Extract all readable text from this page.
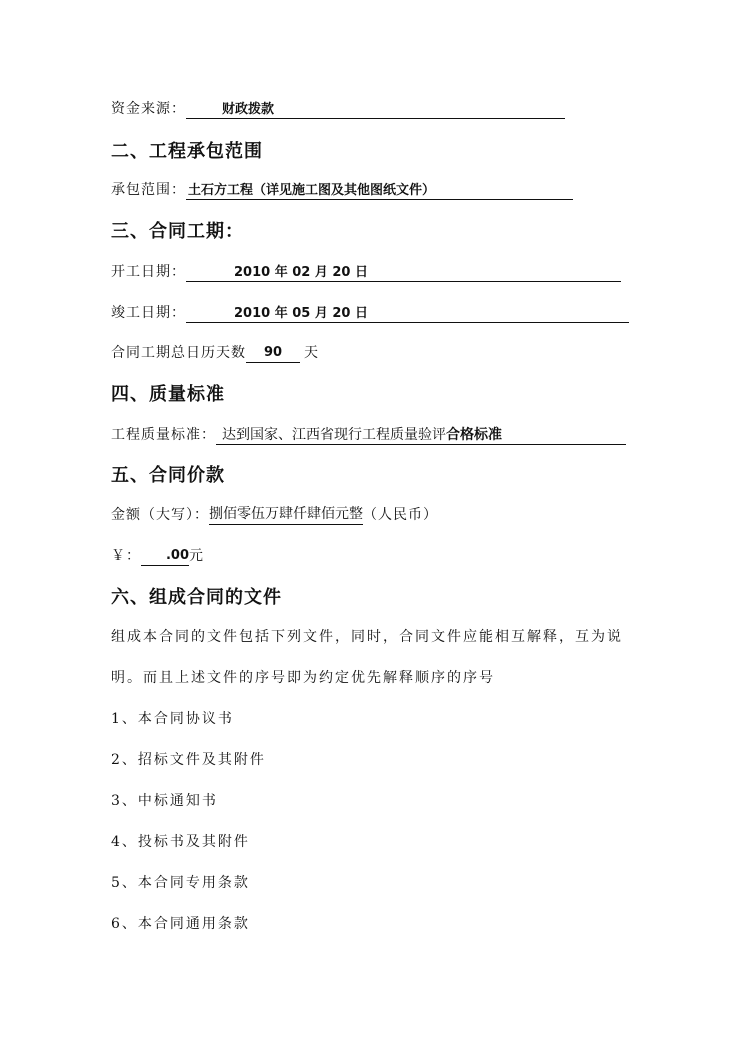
资金来源：	财政拨款
二、工程承包范围
承包范围： 土石方工程（详见施工图及其他图纸文件）
三、合同工期：
开工日期：	2010 年 02 月 20 日
竣工日期：	2010 年 05 月 20 日
合同工期总日历天数 90 天
四、质量标准
工程质量标准： 达到国家、江西省现行工程质量验评合格标准
五、合同价款
金额（大写）：捌佰零伍万肆仟肆佰元整（人民币）
￥： .00元
六、组成合同的文件
组成本合同的文件包括下列文件，同时，合同文件应能相互解释，互为说
明。而且上述文件的序号即为约定优先解释顺序的序号
1、本合同协议书
2、招标文件及其附件
3、中标通知书
4、投标书及其附件
5、本合同专用条款
6、本合同通用条款
